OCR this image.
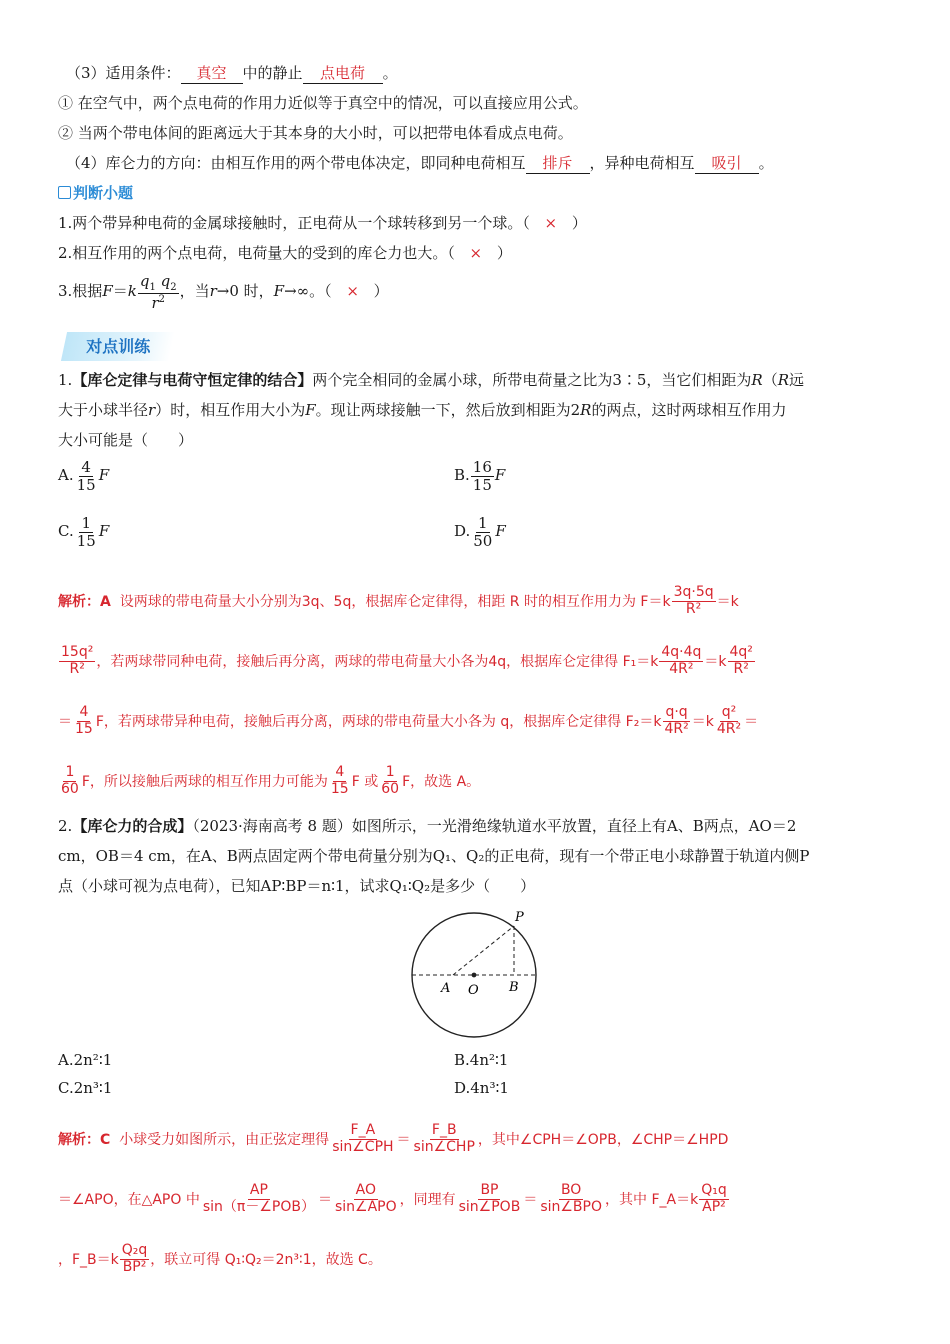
（3）适用条件： 真空 中的静止 点电荷 。
① 在空气中，两个点电荷的作用力近似等于真空中的情况，可以直接应用公式。
② 当两个带电体间的距离远大于其本身的大小时，可以把带电体看成点电荷。
（4）库仑力的方向：由相互作用的两个带电体决定，即同种电荷相互 排斥 ，异种电荷相互 吸引 。
判断小题
1.两个带异种电荷的金属球接触时，正电荷从一个球转移到另一个球。（ × ）
2.相互作用的两个点电荷，电荷量大的受到的库仑力也大。（ × ）
3.根据$F=k \frac{q_1 q_2}{r^2}$ ，当r→0 时，F→∞。（ × ）
对点训练
1.【库仑定律与电荷守恒定律的结合】两个完全相同的金属小球，所带电荷量之比为3∶5，当它们相距为R（R远
大于小球半径r）时，相互作用大小为F。现让两球接触一下，然后放到相距为2R的两点，这时两球相互作用力
大小可能是（　　）
A. $\frac{4}{15}$ F	B. $\frac{16}{15}$ F
C. $\frac{1}{15}$ F	D. $\frac{1}{50}$ F
解析：A
设两球的带电荷量大小分别为3q、5q，根据库仑定律得，相距 R 时的相互作用力为 $F=k \frac{3q\cdot 5q}{\text{R²}} =k$
$\frac{\text{15q²}}{\text{R²}}$ ，若两球带同种电荷，接触后再分离，两球的带电荷量大小各为4q，根据库仑定律得 $F_1=k \frac{4q\cdot 4q}{\text{4R²}} =k \frac{\text{4q²}}{\text{R²}}$
＝ $\frac{4}{15}$ F，若两球带异种电荷，接触后再分离，两球的带电荷量大小各为 q，根据库仑定律得 $F_2=k \frac{q\cdot q}{\text{4R²}} =k \frac{\text{q²}}{\text{4R²}}$ ＝
$\frac{1}{60}$ F，所以接触后两球的相互作用力可能为 $\frac{4}{15}$ F 或 $\frac{1}{60}$ F，故选 A。
2.【库仑力的合成】（2023·海南高考 8 题）如图所示，一光滑绝缘轨道水平放置，直径上有A、B两点，AO＝2
cm，OB＝4 cm，在A、B两点固定两个带电荷量分别为Q₁、Q₂的正电荷，现有一个带正电小球静置于轨道内侧P
点（小球可视为点电荷），已知AP∶BP＝n∶1，试求Q₁∶Q₂是多少（　　）
P
A O B
A.2n²∶1	B.4n²∶1
C.2n³∶1	D.4n³∶1
解析：C
小球受力如图所示，由正弦定理得 $\frac{F\_A}{\text{sin∠CPH}} = \frac{F\_B}{\text{sin∠CHP}}$ ，其中∠CPH＝∠OPB，∠CHP＝∠HPD
＝∠APO，在△APO 中 $\frac{AP}{\text{sin（π－∠POB）}} = \frac{AO}{\text{sin∠APO}}$ ，同理有 $\frac{BP}{\text{sin∠POB}} = \frac{BO}{\text{sin∠BPO}}$ ，其中 F_A＝k $\frac{\text{Q₁q}}{\text{AP²}}$
，F_B＝k $\frac{\text{Q₂q}}{\text{BP²}}$ ，联立可得 Q₁∶Q₂＝2n³∶1，故选 C。
